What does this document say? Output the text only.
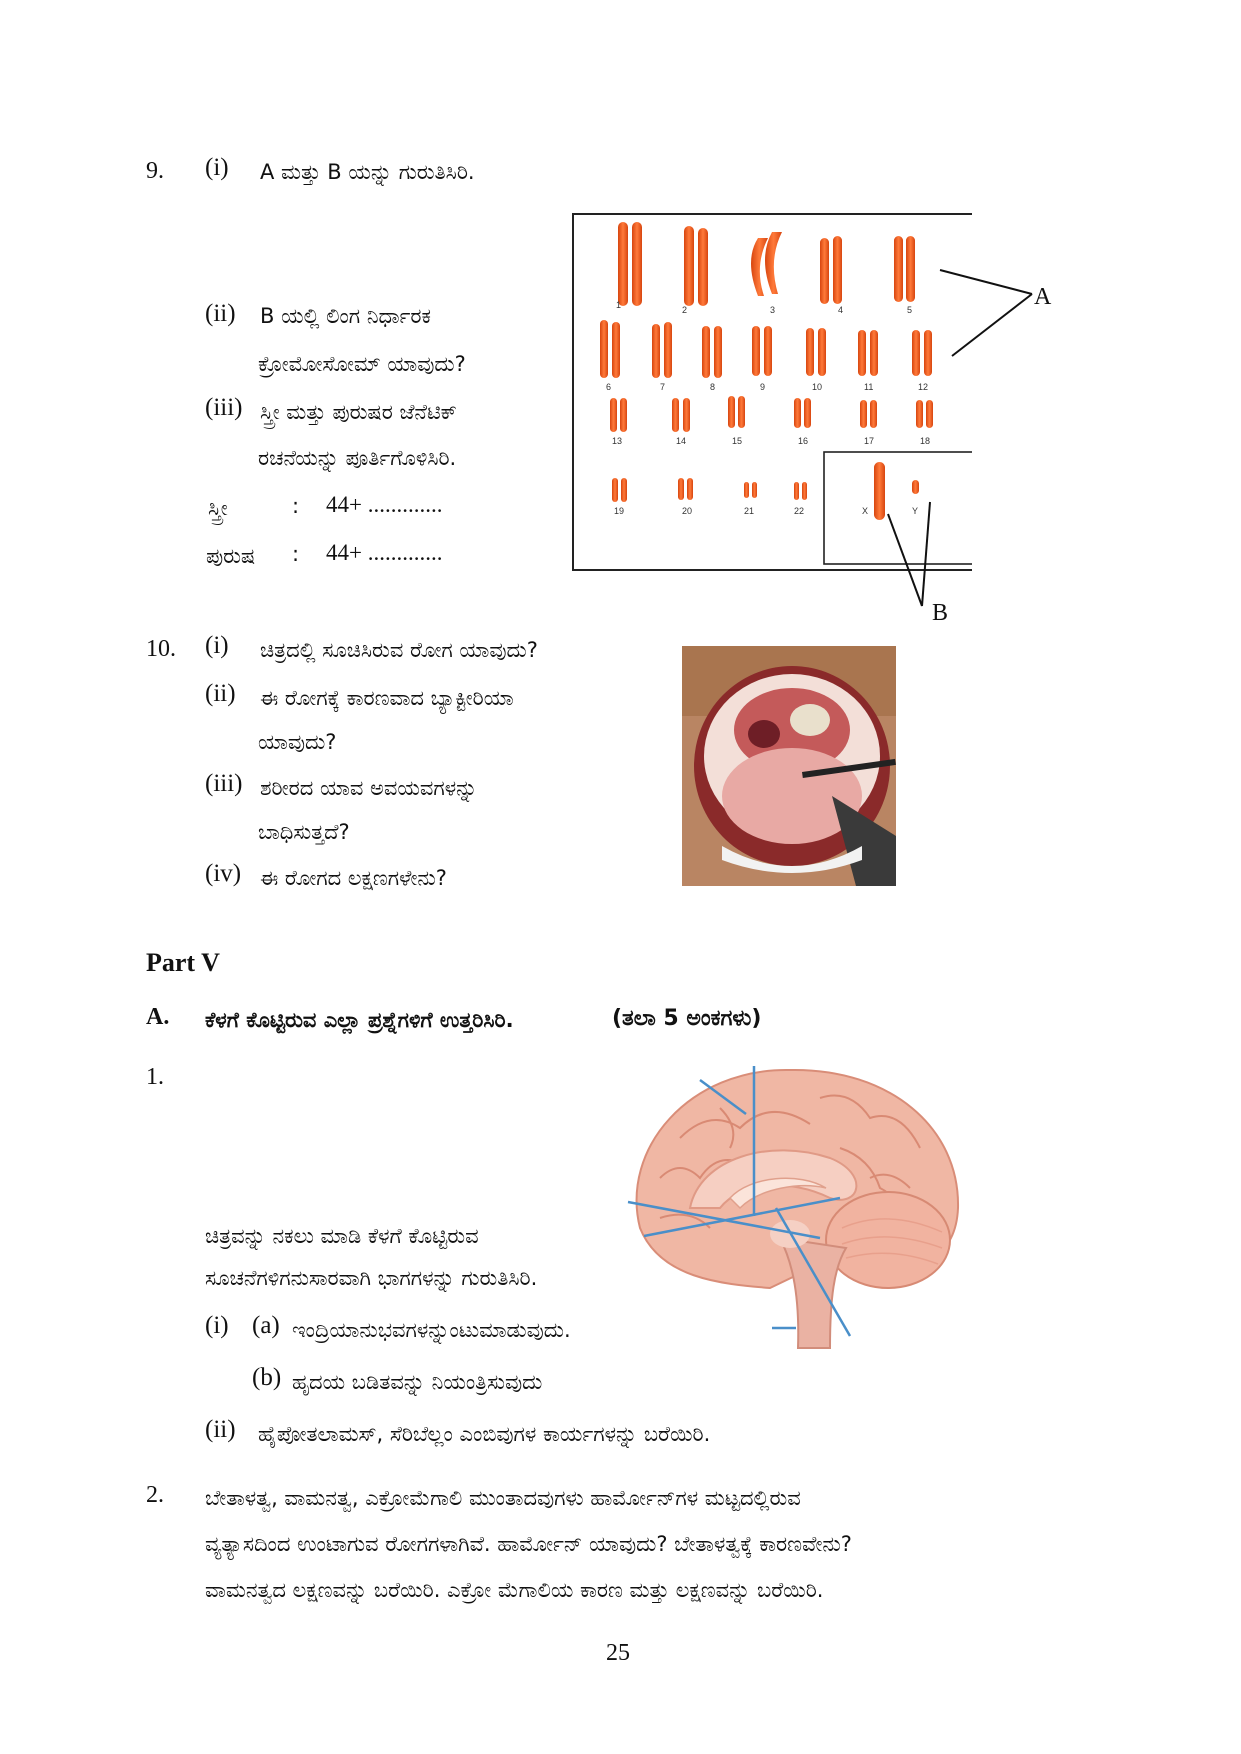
9. (i) A ಮತ್ತು B ಯನ್ನು ಗುರುತಿಸಿರಿ.
(ii) B ಯಲ್ಲಿ ಲಿಂಗ ನಿರ್ಧಾರಕ
ಕ್ರೋಮೋಸೋಮ್ ಯಾವುದು?
(iii) ಸ್ತ್ರೀ ಮತ್ತು ಪುರುಷರ ಜೆನೆಟಿಕ್
ರಚನೆಯನ್ನು ಪೂರ್ತಿಗೊಳಿಸಿರಿ.
ಸ್ತ್ರೀ	: 44+ .............
ಪುರುಷ : 44+ .............
1	2	3	4	5
6	7	8	9	10	11	12
13	14	15	16	17	18
19	20	21	22	X	Y
A
B
10. (i) ಚಿತ್ರದಲ್ಲಿ ಸೂಚಿಸಿರುವ ರೋಗ ಯಾವುದು?
(ii) ಈ ರೋಗಕ್ಕೆ ಕಾರಣವಾದ ಬ್ಯಾಕ್ಟೀರಿಯಾ
ಯಾವುದು?
(iii) ಶರೀರದ ಯಾವ ಅವಯವಗಳನ್ನು
ಬಾಧಿಸುತ್ತದೆ?
(iv) ಈ ರೋಗದ ಲಕ್ಷಣಗಳೇನು?
Part V
A. ಕೆಳಗೆ ಕೊಟ್ಟಿರುವ ಎಲ್ಲಾ ಪ್ರಶ್ನೆಗಳಿಗೆ ಉತ್ತರಿಸಿರಿ.	(ತಲಾ 5 ಅಂಕಗಳು)
1.
ಚಿತ್ರವನ್ನು ನಕಲು ಮಾಡಿ ಕೆಳಗೆ ಕೊಟ್ಟಿರುವ
ಸೂಚನೆಗಳಿಗನುಸಾರವಾಗಿ ಭಾಗಗಳನ್ನು ಗುರುತಿಸಿರಿ.
(i) (a) ಇಂದ್ರಿಯಾನುಭವಗಳನ್ನುಂಟುಮಾಡುವುದು.
(b) ಹೃದಯ ಬಡಿತವನ್ನು ನಿಯಂತ್ರಿಸುವುದು
(ii) ಹೈಪೋತಲಾಮಸ್, ಸೆರಿಬೆಲ್ಲಂ ಎಂಬಿವುಗಳ ಕಾರ್ಯಗಳನ್ನು ಬರೆಯಿರಿ.
2. ಬೇತಾಳತ್ವ, ವಾಮನತ್ವ, ಎಕ್ರೋಮೆಗಾಲಿ ಮುಂತಾದವುಗಳು ಹಾರ್ಮೋನ್‌ಗಳ ಮಟ್ಟದಲ್ಲಿರುವ
ವ್ಯತ್ಯಾಸದಿಂದ ಉಂಟಾಗುವ ರೋಗಗಳಾಗಿವೆ. ಹಾರ್ಮೋನ್ ಯಾವುದು? ಬೇತಾಳತ್ವಕ್ಕೆ ಕಾರಣವೇನು?
ವಾಮನತ್ವದ ಲಕ್ಷಣವನ್ನು ಬರೆಯಿರಿ. ಎಕ್ರೋ ಮೆಗಾಲಿಯ ಕಾರಣ ಮತ್ತು ಲಕ್ಷಣವನ್ನು ಬರೆಯಿರಿ.
25
